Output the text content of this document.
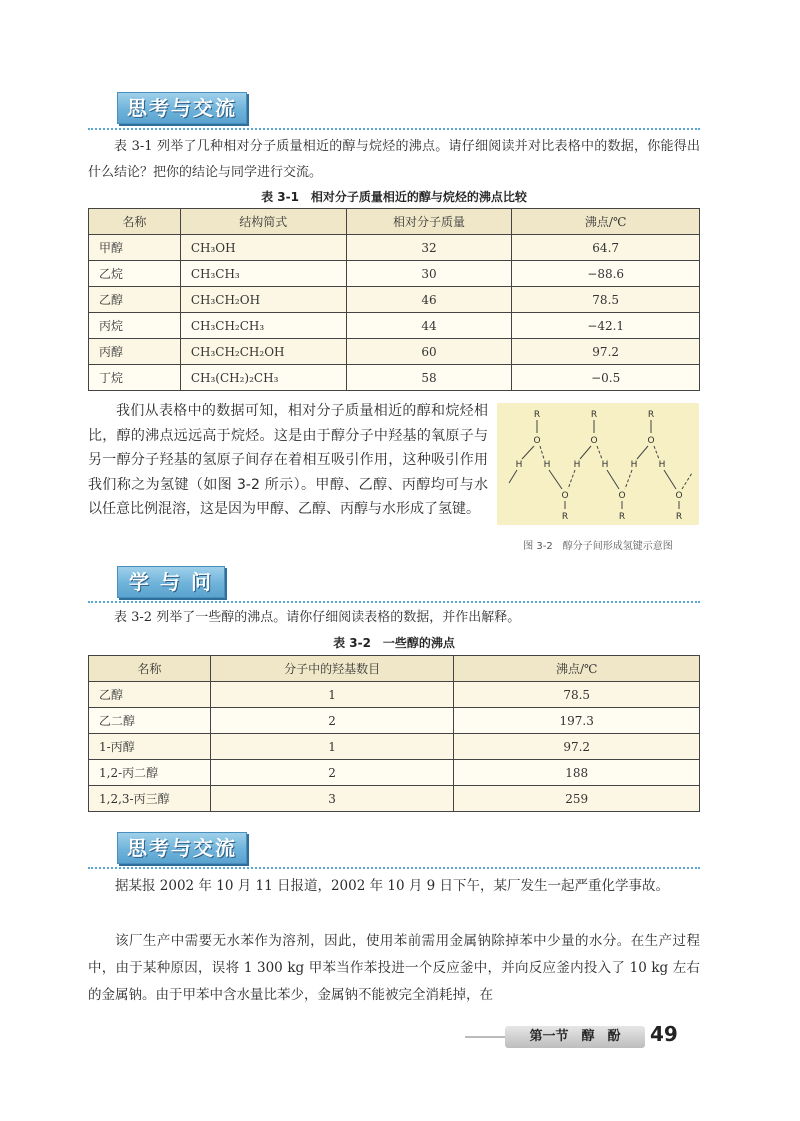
思考与交流
表 3-1 列举了几种相对分子质量相近的醇与烷烃的沸点。请仔细阅读并对比表格中的数据，你能得出什么结论？把你的结论与同学进行交流。
表 3-1　相对分子质量相近的醇与烷烃的沸点比较
名称	结构简式	相对分子质量	沸点/℃
甲醇	CH₃OH	32	64.7
乙烷	CH₃CH₃	30	−88.6
乙醇	CH₃CH₂OH	46	78.5
丙烷	CH₃CH₂CH₃	44	−42.1
丙醇	CH₃CH₂CH₂OH	60	97.2
丁烷	CH₃(CH₂)₂CH₃	58	−0.5
我们从表格中的数据可知，相对分子质量相近的醇和烷烃相比，醇的沸点远远高于烷烃。这是由于醇分子中羟基的氧原子与另一醇分子羟基的氢原子间存在着相互吸引作用，这种吸引作用我们称之为氢键（如图 3-2 所示）。甲醇、乙醇、丙醇均可与水以任意比例混溶，这是因为甲醇、乙醇、丙醇与水形成了氢键。
R
O
R
O
R
O
O
R
O
R
O
R
H H	H H H H
图 3-2　醇分子间形成氢键示意图
学 与 问
表 3-2 列举了一些醇的沸点。请你仔细阅读表格的数据，并作出解释。
表 3-2　一些醇的沸点
名称	分子中的羟基数目	沸点/℃
乙醇	1	78.5
乙二醇	2	197.3
1-丙醇	1	97.2
1,2-丙二醇	2	188
1,2,3-丙三醇	3	259
思考与交流
据某报 2002 年 10 月 11 日报道，2002 年 10 月 9 日下午，某厂发生一起严重化学事故。
该厂生产中需要无水苯作为溶剂，因此，使用苯前需用金属钠除掉苯中少量的水分。在生产过程中，由于某种原因，误将 1 300 kg 甲苯当作苯投进一个反应釜中，并向反应釜内投入了 10 kg 左右的金属钠。由于甲苯中含水量比苯少，金属钠不能被完全消耗掉，在
第一节　醇　酚	49
